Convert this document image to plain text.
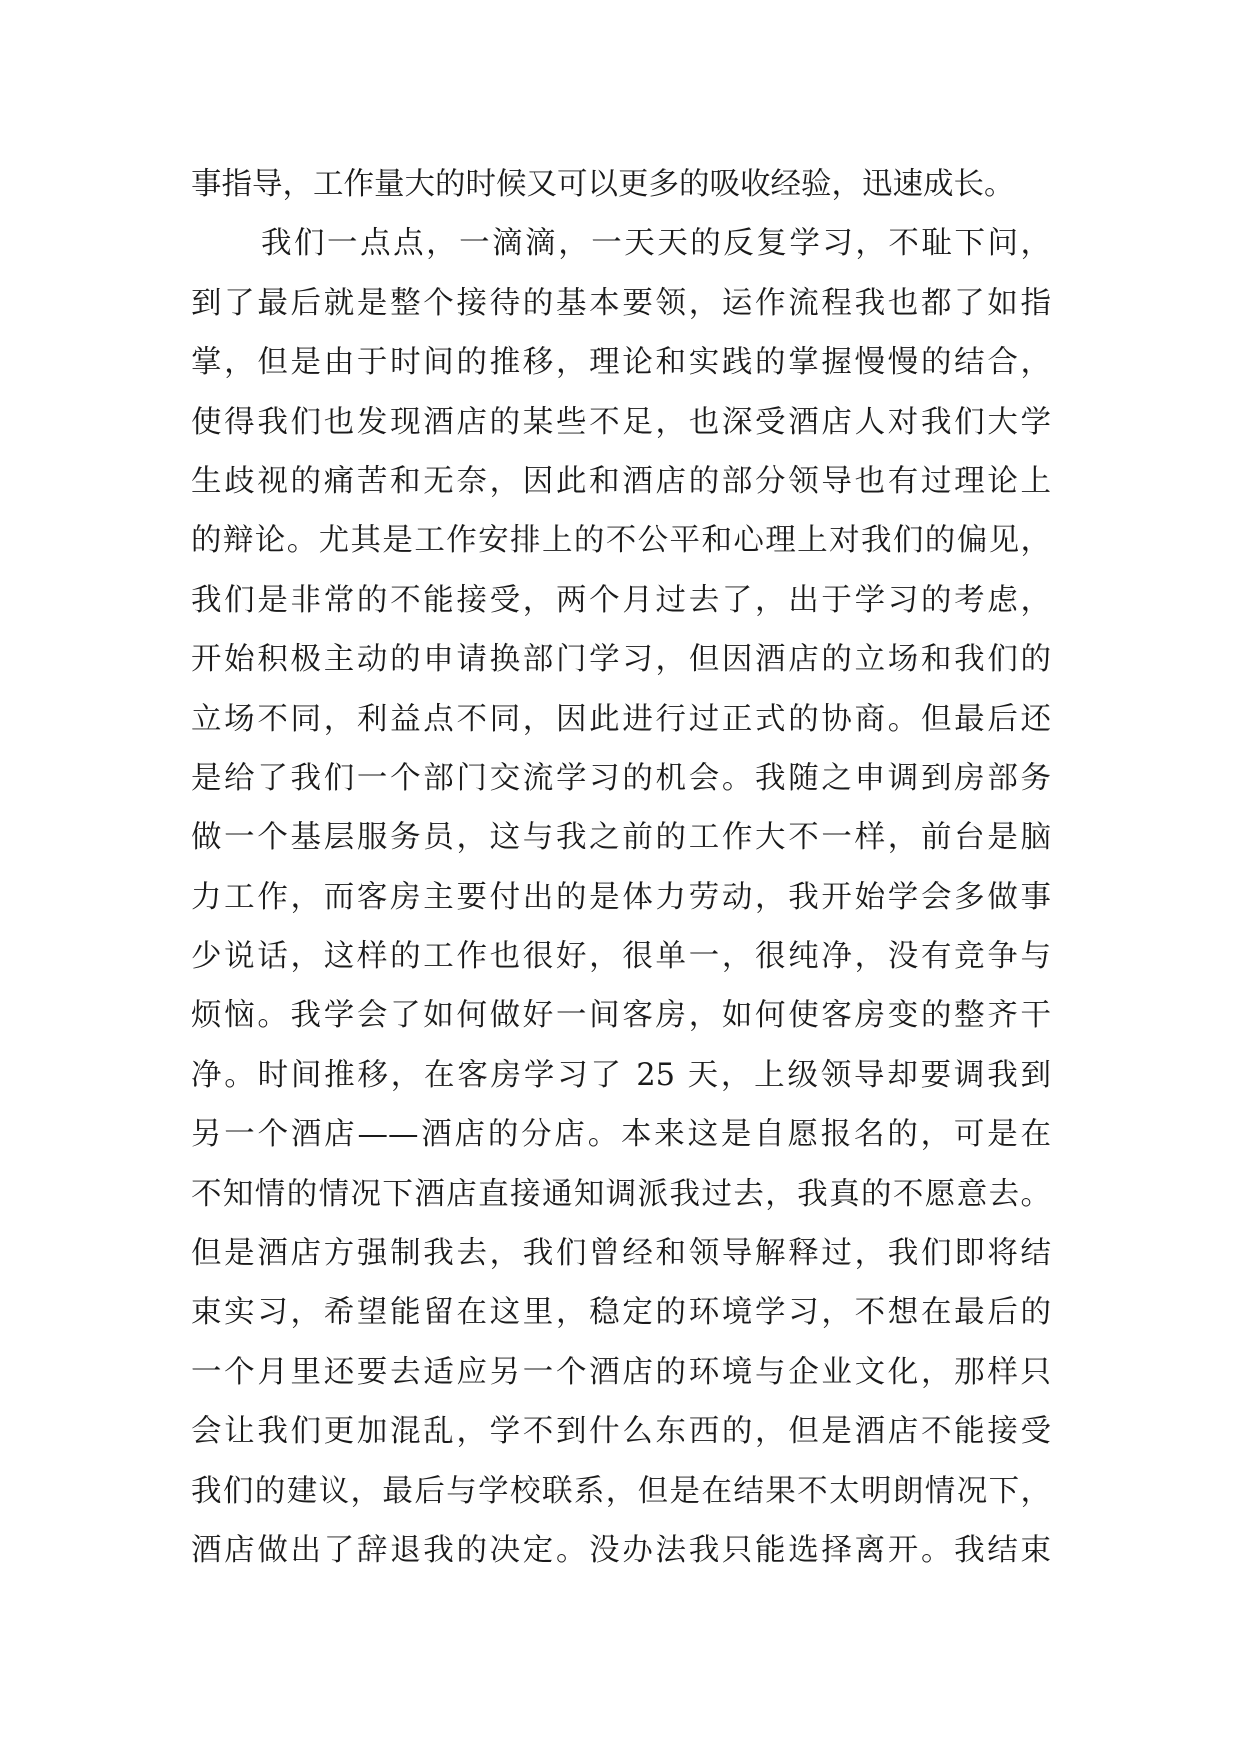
事指导，工作量大的时候又可以更多的吸收经验，迅速成长。
我们一点点，一滴滴，一天天的反复学习，不耻下问，
到了最后就是整个接待的基本要领，运作流程我也都了如指
掌，但是由于时间的推移，理论和实践的掌握慢慢的结合，
使得我们也发现酒店的某些不足，也深受酒店人对我们大学
生歧视的痛苦和无奈，因此和酒店的部分领导也有过理论上
的辩论。尤其是工作安排上的不公平和心理上对我们的偏见，
我们是非常的不能接受，两个月过去了，出于学习的考虑，
开始积极主动的申请换部门学习，但因酒店的立场和我们的
立场不同，利益点不同，因此进行过正式的协商。但最后还
是给了我们一个部门交流学习的机会。我随之申调到房部务
做一个基层服务员，这与我之前的工作大不一样，前台是脑
力工作，而客房主要付出的是体力劳动，我开始学会多做事
少说话，这样的工作也很好，很单一，很纯净，没有竞争与
烦恼。我学会了如何做好一间客房，如何使客房变的整齐干
净。时间推移，在客房学习了 25 天，上级领导却要调我到
另一个酒店——酒店的分店。本来这是自愿报名的，可是在
不知情的情况下酒店直接通知调派我过去，我真的不愿意去。
但是酒店方强制我去，我们曾经和领导解释过，我们即将结
束实习，希望能留在这里，稳定的环境学习，不想在最后的
一个月里还要去适应另一个酒店的环境与企业文化，那样只
会让我们更加混乱，学不到什么东西的，但是酒店不能接受
我们的建议，最后与学校联系，但是在结果不太明朗情况下，
酒店做出了辞退我的决定。没办法我只能选择离开。我结束
